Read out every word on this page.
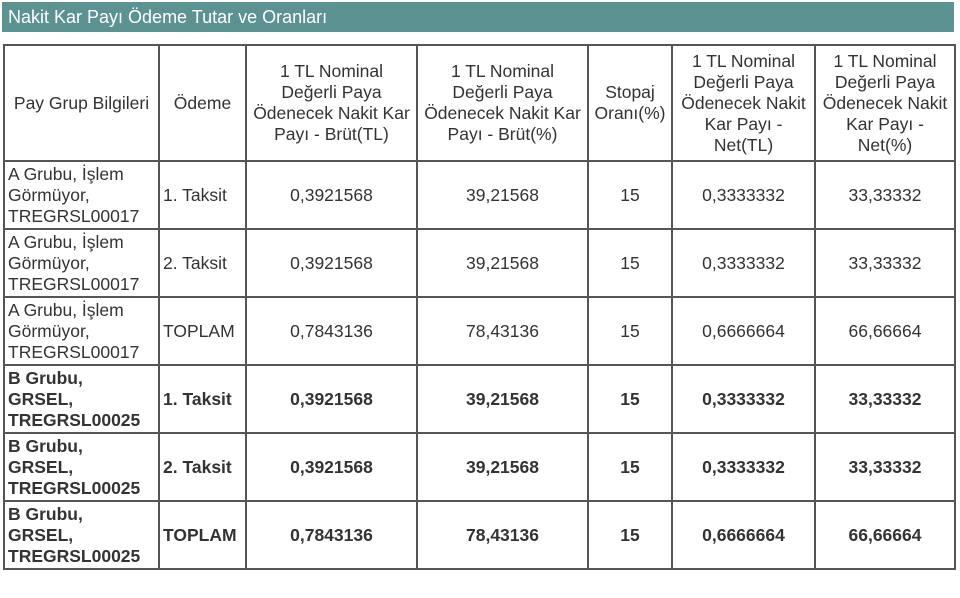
Nakit Kar Payı Ödeme Tutar ve Oranları
Pay Grup Bilgileri	Ödeme	1 TL Nominal Değerli Paya Ödenecek Nakit Kar Payı - Brüt(TL)	1 TL Nominal Değerli Paya Ödenecek Nakit Kar Payı - Brüt(%)	Stopaj Oranı(%)	1 TL Nominal Değerli Paya Ödenecek Nakit Kar Payı - Net(TL)	1 TL Nominal Değerli Paya Ödenecek Nakit Kar Payı - Net(%)
A Grubu, İşlem
Görmüyor,
TREGRSL00017	1. Taksit	0,3921568	39,21568	15	0,3333332	33,33332
A Grubu, İşlem
Görmüyor,
TREGRSL00017	2. Taksit	0,3921568	39,21568	15	0,3333332	33,33332
A Grubu, İşlem
Görmüyor,
TREGRSL00017	TOPLAM	0,7843136	78,43136	15	0,6666664	66,66664
B Grubu,
GRSEL,
TREGRSL00025	1. Taksit	0,3921568	39,21568	15	0,3333332	33,33332
B Grubu,
GRSEL,
TREGRSL00025	2. Taksit	0,3921568	39,21568	15	0,3333332	33,33332
B Grubu,
GRSEL,
TREGRSL00025	TOPLAM	0,7843136	78,43136	15	0,6666664	66,66664
